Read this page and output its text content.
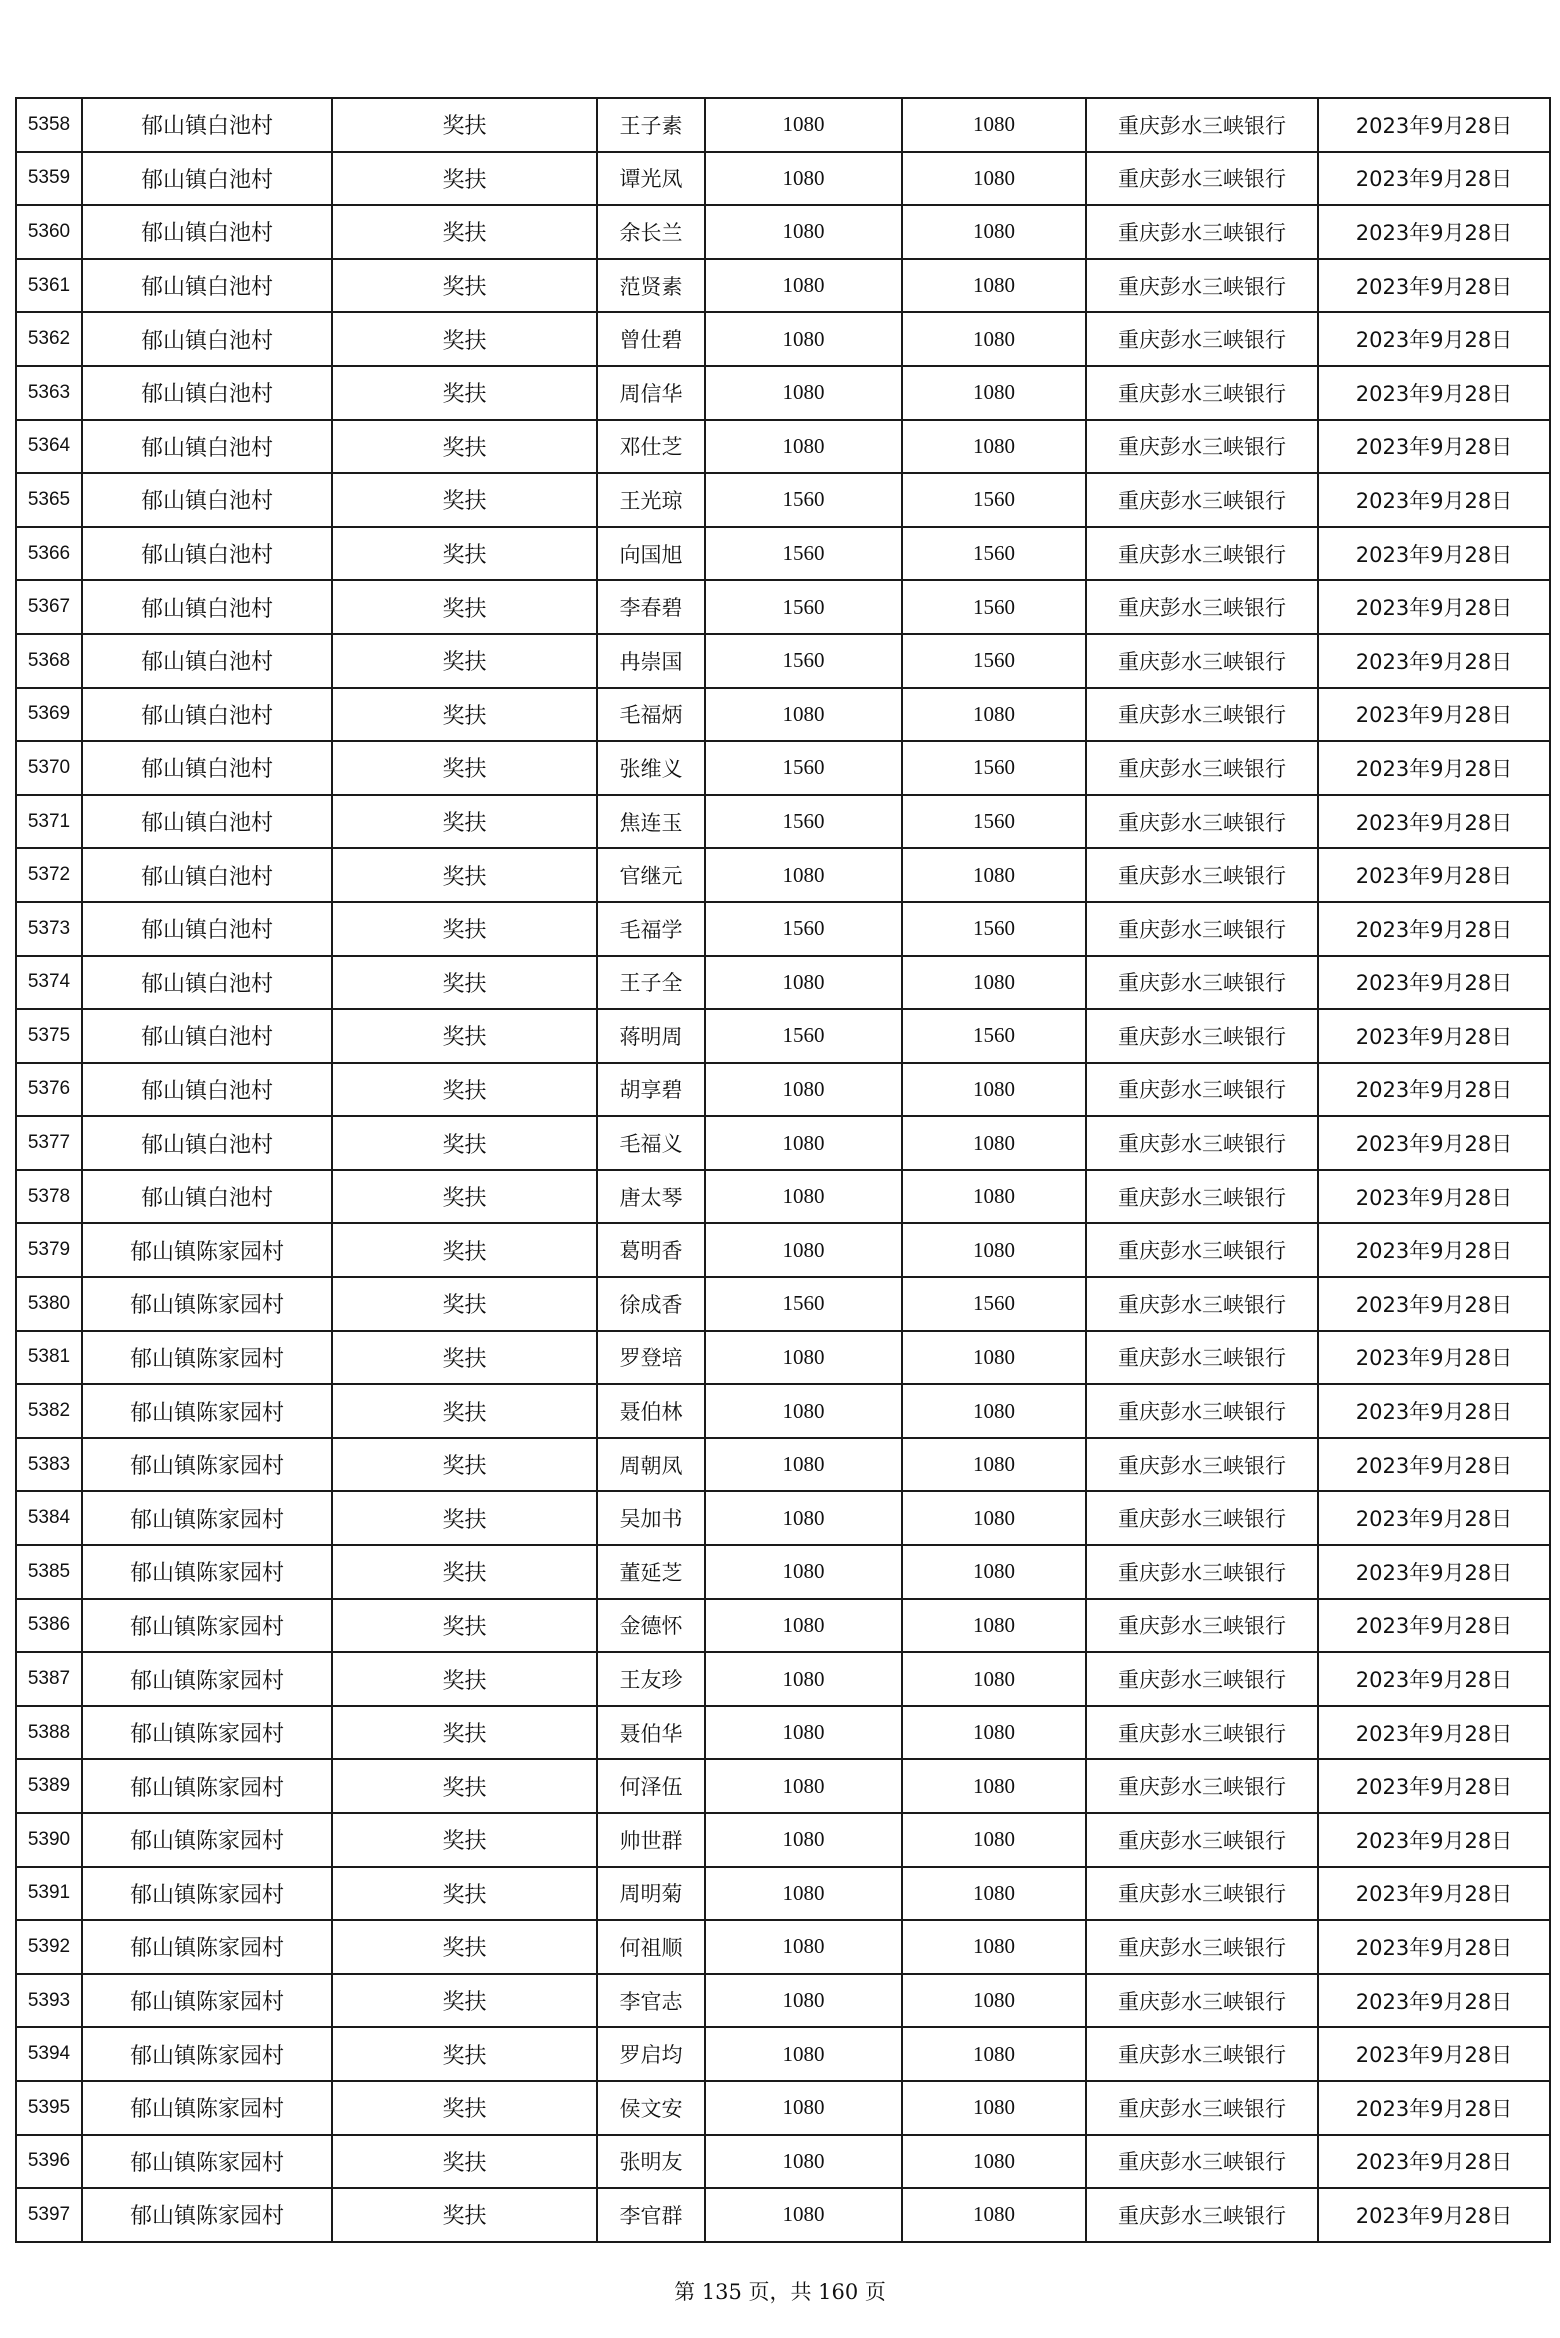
5358	郁山镇白池村	奖扶	王子素	1080	1080	重庆彭水三峡银行	2023年9月28日
5359	郁山镇白池村	奖扶	谭光凤	1080	1080	重庆彭水三峡银行	2023年9月28日
5360	郁山镇白池村	奖扶	余长兰	1080	1080	重庆彭水三峡银行	2023年9月28日
5361	郁山镇白池村	奖扶	范贤素	1080	1080	重庆彭水三峡银行	2023年9月28日
5362	郁山镇白池村	奖扶	曾仕碧	1080	1080	重庆彭水三峡银行	2023年9月28日
5363	郁山镇白池村	奖扶	周信华	1080	1080	重庆彭水三峡银行	2023年9月28日
5364	郁山镇白池村	奖扶	邓仕芝	1080	1080	重庆彭水三峡银行	2023年9月28日
5365	郁山镇白池村	奖扶	王光琼	1560	1560	重庆彭水三峡银行	2023年9月28日
5366	郁山镇白池村	奖扶	向国旭	1560	1560	重庆彭水三峡银行	2023年9月28日
5367	郁山镇白池村	奖扶	李春碧	1560	1560	重庆彭水三峡银行	2023年9月28日
5368	郁山镇白池村	奖扶	冉崇国	1560	1560	重庆彭水三峡银行	2023年9月28日
5369	郁山镇白池村	奖扶	毛福炳	1080	1080	重庆彭水三峡银行	2023年9月28日
5370	郁山镇白池村	奖扶	张维义	1560	1560	重庆彭水三峡银行	2023年9月28日
5371	郁山镇白池村	奖扶	焦连玉	1560	1560	重庆彭水三峡银行	2023年9月28日
5372	郁山镇白池村	奖扶	官继元	1080	1080	重庆彭水三峡银行	2023年9月28日
5373	郁山镇白池村	奖扶	毛福学	1560	1560	重庆彭水三峡银行	2023年9月28日
5374	郁山镇白池村	奖扶	王子全	1080	1080	重庆彭水三峡银行	2023年9月28日
5375	郁山镇白池村	奖扶	蒋明周	1560	1560	重庆彭水三峡银行	2023年9月28日
5376	郁山镇白池村	奖扶	胡享碧	1080	1080	重庆彭水三峡银行	2023年9月28日
5377	郁山镇白池村	奖扶	毛福义	1080	1080	重庆彭水三峡银行	2023年9月28日
5378	郁山镇白池村	奖扶	唐太琴	1080	1080	重庆彭水三峡银行	2023年9月28日
5379	郁山镇陈家园村	奖扶	葛明香	1080	1080	重庆彭水三峡银行	2023年9月28日
5380	郁山镇陈家园村	奖扶	徐成香	1560	1560	重庆彭水三峡银行	2023年9月28日
5381	郁山镇陈家园村	奖扶	罗登培	1080	1080	重庆彭水三峡银行	2023年9月28日
5382	郁山镇陈家园村	奖扶	聂伯林	1080	1080	重庆彭水三峡银行	2023年9月28日
5383	郁山镇陈家园村	奖扶	周朝凤	1080	1080	重庆彭水三峡银行	2023年9月28日
5384	郁山镇陈家园村	奖扶	吴加书	1080	1080	重庆彭水三峡银行	2023年9月28日
5385	郁山镇陈家园村	奖扶	董延芝	1080	1080	重庆彭水三峡银行	2023年9月28日
5386	郁山镇陈家园村	奖扶	金德怀	1080	1080	重庆彭水三峡银行	2023年9月28日
5387	郁山镇陈家园村	奖扶	王友珍	1080	1080	重庆彭水三峡银行	2023年9月28日
5388	郁山镇陈家园村	奖扶	聂伯华	1080	1080	重庆彭水三峡银行	2023年9月28日
5389	郁山镇陈家园村	奖扶	何泽伍	1080	1080	重庆彭水三峡银行	2023年9月28日
5390	郁山镇陈家园村	奖扶	帅世群	1080	1080	重庆彭水三峡银行	2023年9月28日
5391	郁山镇陈家园村	奖扶	周明菊	1080	1080	重庆彭水三峡银行	2023年9月28日
5392	郁山镇陈家园村	奖扶	何祖顺	1080	1080	重庆彭水三峡银行	2023年9月28日
5393	郁山镇陈家园村	奖扶	李官志	1080	1080	重庆彭水三峡银行	2023年9月28日
5394	郁山镇陈家园村	奖扶	罗启均	1080	1080	重庆彭水三峡银行	2023年9月28日
5395	郁山镇陈家园村	奖扶	侯文安	1080	1080	重庆彭水三峡银行	2023年9月28日
5396	郁山镇陈家园村	奖扶	张明友	1080	1080	重庆彭水三峡银行	2023年9月28日
5397	郁山镇陈家园村	奖扶	李官群	1080	1080	重庆彭水三峡银行	2023年9月28日
第 135 页，共 160 页
